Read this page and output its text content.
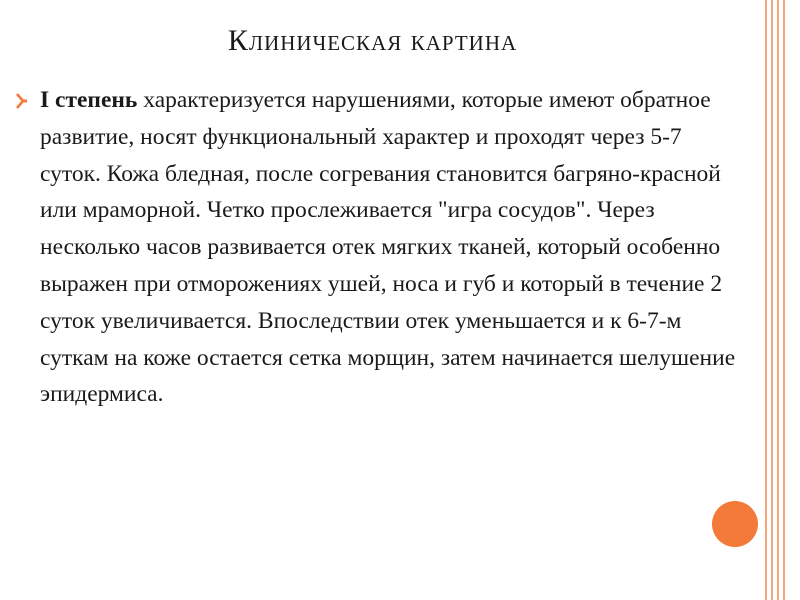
Клиническая картина

I степень характеризуется нарушениями, которые имеют обратное развитие, носят функциональный характер и проходят через 5-7 суток. Кожа бледная, после согревания становится багряно-красной или мраморной. Четко прослеживается "игра сосудов". Через несколько часов развивается отек мягких тканей, который особенно выражен при отморожениях ушей, носа и губ и который в течение 2 суток увеличивается. Впоследствии отек уменьшается и к 6-7-м суткам на коже остается сетка морщин, затем начинается шелушение эпидермиса.
